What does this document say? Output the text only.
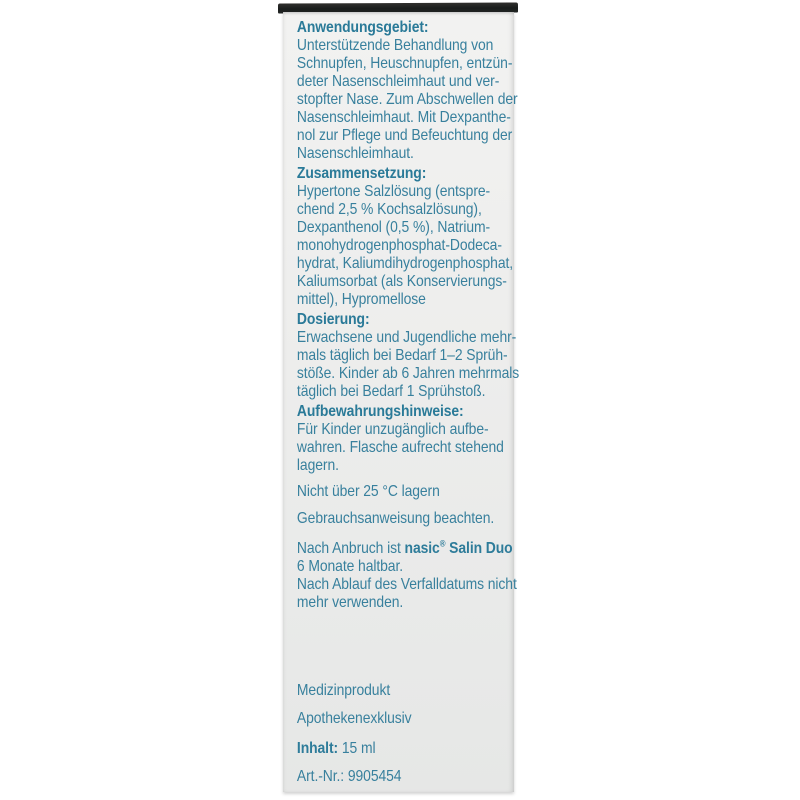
Anwendungsgebiet:
Unterstützende Behandlung von
Schnupfen, Heuschnupfen, entzün-
deter Nasenschleimhaut und ver-
stopfter Nase. Zum Abschwellen der
Nasenschleimhaut. Mit Dexpanthe-
nol zur Pflege und Befeuchtung der
Nasenschleimhaut.
Zusammensetzung:
Hypertone Salzlösung (entspre-
chend 2,5 % Kochsalzlösung),
Dexpanthenol (0,5 %), Natrium-
monohydrogenphosphat-Dodeca-
hydrat, Kaliumdihydrogenphosphat,
Kaliumsorbat (als Konservierungs-
mittel), Hypromellose
Dosierung:
Erwachsene und Jugendliche mehr-
mals täglich bei Bedarf 1–2 Sprüh-
stöße. Kinder ab 6 Jahren mehrmals
täglich bei Bedarf 1 Sprühstoß.
Aufbewahrungshinweise:
Für Kinder unzugänglich aufbe-
wahren. Flasche aufrecht stehend
lagern.
Nicht über 25 °C lagern
Gebrauchsanweisung beachten.
Nach Anbruch ist nasic® Salin Duo
6 Monate haltbar.
Nach Ablauf des Verfalldatums nicht
mehr verwenden.
Medizinprodukt
Apothekenexklusiv
Inhalt: 15 ml
Art.-Nr.: 9905454
